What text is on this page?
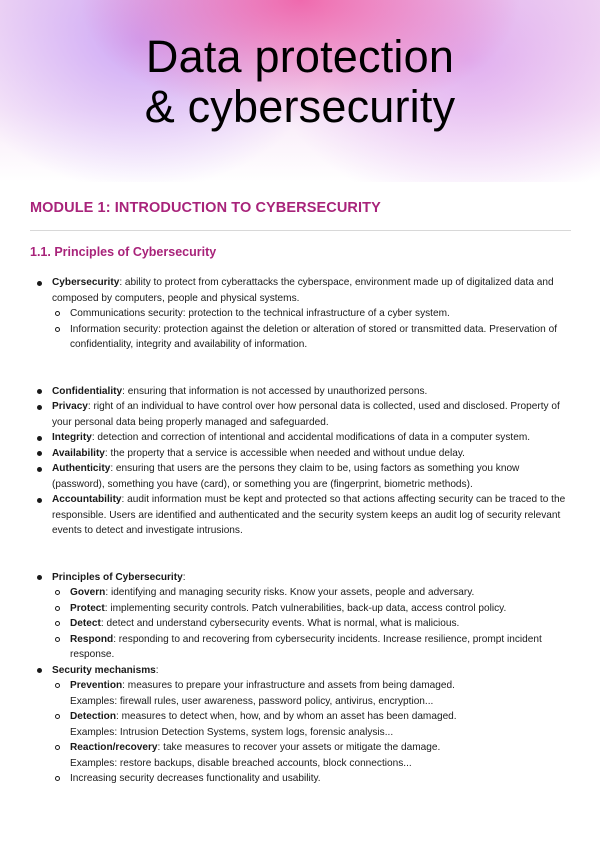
Data protection
& cybersecurity
MODULE 1: INTRODUCTION TO CYBERSECURITY
1.1. Principles of Cybersecurity
Cybersecurity: ability to protect from cyberattacks the cyberspace, environment made up of digitalized data and composed by computers, people and physical systems.
Communications security: protection to the technical infrastructure of a cyber system.
Information security: protection against the deletion or alteration of stored or transmitted data. Preservation of confidentiality, integrity and availability of information.
Confidentiality: ensuring that information is not accessed by unauthorized persons.
Privacy: right of an individual to have control over how personal data is collected, used and disclosed. Property of your personal data being properly managed and safeguarded.
Integrity: detection and correction of intentional and accidental modifications of data in a computer system.
Availability: the property that a service is accessible when needed and without undue delay.
Authenticity: ensuring that users are the persons they claim to be, using factors as something you know (password), something you have (card), or something you are (fingerprint, biometric methods).
Accountability: audit information must be kept and protected so that actions affecting security can be traced to the responsible. Users are identified and authenticated and the security system keeps an audit log of security relevant events to detect and investigate intrusions.
Principles of Cybersecurity:
Govern: identifying and managing security risks. Know your assets, people and adversary.
Protect: implementing security controls. Patch vulnerabilities, back-up data, access control policy.
Detect: detect and understand cybersecurity events. What is normal, what is malicious.
Respond: responding to and recovering from cybersecurity incidents. Increase resilience, prompt incident response.
Security mechanisms:
Prevention: measures to prepare your infrastructure and assets from being damaged.
Examples: firewall rules, user awareness, password policy, antivirus, encryption...
Detection: measures to detect when, how, and by whom an asset has been damaged.
Examples: Intrusion Detection Systems, system logs, forensic analysis...
Reaction/recovery: take measures to recover your assets or mitigate the damage.
Examples: restore backups, disable breached accounts, block connections...
Increasing security decreases functionality and usability.
